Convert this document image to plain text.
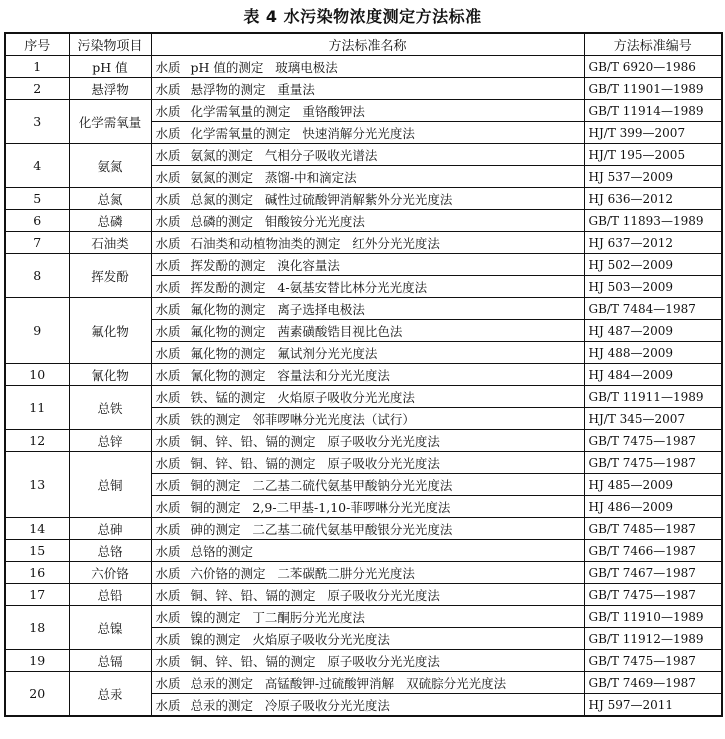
表 4 水污染物浓度测定方法标准
序号	污染物项目	方法标准名称	方法标准编号
1	pH 值	水质 pH 值的测定   玻璃电极法	GB/T 6920—1986
2	悬浮物	水质 悬浮物的测定   重量法	GB/T 11901—1989
3	化学需氧量	水质 化学需氧量的测定   重铬酸钾法	GB/T 11914—1989
		水质 化学需氧量的测定   快速消解分光光度法	HJ/T 399—2007
4	氨氮	水质 氨氮的测定   气相分子吸收光谱法	HJ/T 195—2005
		水质 氨氮的测定   蒸馏-中和滴定法	HJ 537—2009
5	总氮	水质 总氮的测定   碱性过硫酸钾消解紫外分光光度法	HJ 636—2012
6	总磷	水质 总磷的测定   钼酸铵分光光度法	GB/T 11893—1989
7	石油类	水质 石油类和动植物油类的测定   红外分光光度法	HJ 637—2012
8	挥发酚	水质 挥发酚的测定   溴化容量法	HJ 502—2009
		水质 挥发酚的测定   4-氨基安替比林分光光度法	HJ 503—2009
9	氟化物	水质 氟化物的测定   离子选择电极法	GB/T 7484—1987
		水质 氟化物的测定   茜素磺酸锆目视比色法	HJ 487—2009
		水质 氟化物的测定   氟试剂分光光度法	HJ 488—2009
10	氰化物	水质 氰化物的测定   容量法和分光光度法	HJ 484—2009
11	总铁	水质 铁、锰的测定   火焰原子吸收分光光度法	GB/T 11911—1989
		水质 铁的测定   邻菲啰啉分光光度法（试行）	HJ/T 345—2007
12	总锌	水质 铜、锌、铅、镉的测定   原子吸收分光光度法	GB/T 7475—1987
13	总铜	水质 铜、锌、铅、镉的测定   原子吸收分光光度法	GB/T 7475—1987
		水质 铜的测定   二乙基二硫代氨基甲酸钠分光光度法	HJ 485—2009
		水质 铜的测定   2,9-二甲基-1,10-菲啰啉分光光度法	HJ 486—2009
14	总砷	水质 砷的测定   二乙基二硫代氨基甲酸银分光光度法	GB/T 7485—1987
15	总铬	水质 总铬的测定	GB/T 7466—1987
16	六价铬	水质 六价铬的测定   二苯碳酰二肼分光光度法	GB/T 7467—1987
17	总铅	水质 铜、锌、铅、镉的测定   原子吸收分光光度法	GB/T 7475—1987
18	总镍	水质 镍的测定   丁二酮肟分光光度法	GB/T 11910—1989
		水质 镍的测定   火焰原子吸收分光光度法	GB/T 11912—1989
19	总镉	水质 铜、锌、铅、镉的测定   原子吸收分光光度法	GB/T 7475—1987
20	总汞	水质 总汞的测定   高锰酸钾-过硫酸钾消解   双硫腙分光光度法	GB/T 7469—1987
		水质 总汞的测定   冷原子吸收分光光度法	HJ 597—2011
